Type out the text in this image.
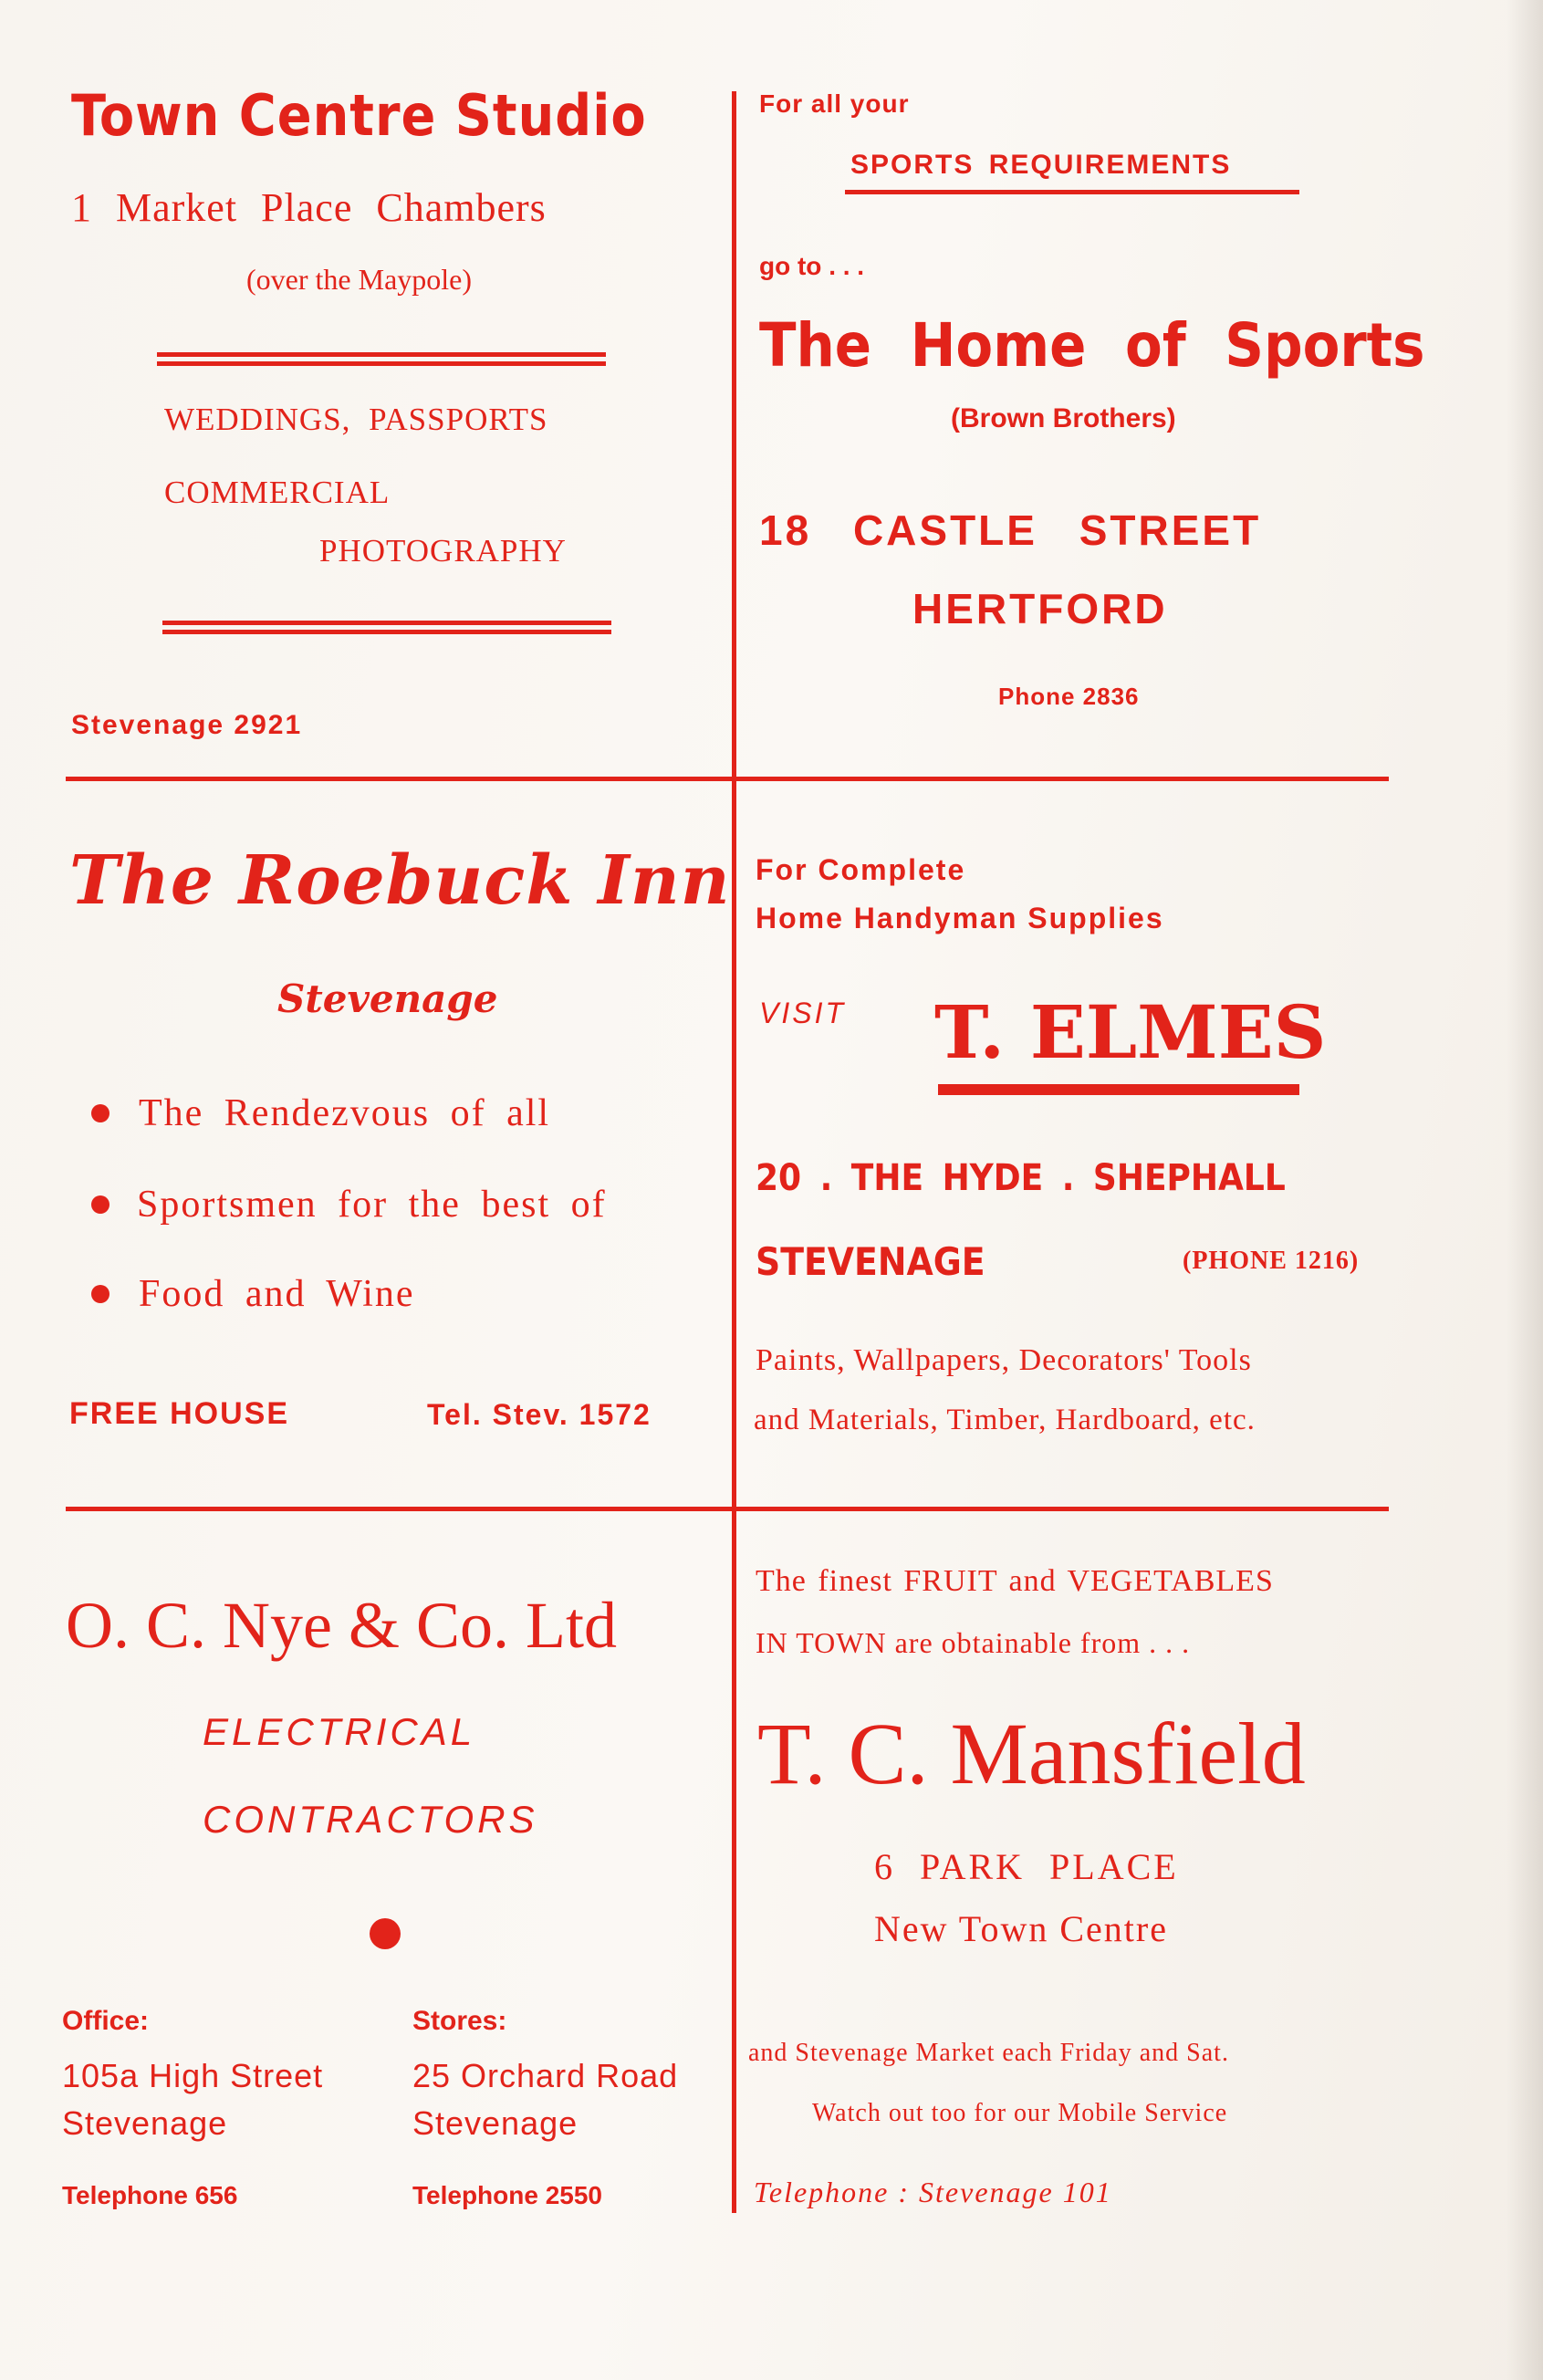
Town Centre Studio
1 Market Place Chambers
(over the Maypole)
WEDDINGS, PASSPORTS
COMMERCIAL
PHOTOGRAPHY
Stevenage 2921
For all your
SPORTS REQUIREMENTS
go to . . .
The Home of Sports
(Brown Brothers)
18 CASTLE STREET
HERTFORD
Phone 2836
The Roebuck Inn
Stevenage
The Rendezvous of all
Sportsmen for the best of
Food and Wine
FREE HOUSE	Tel. Stev. 1572
For Complete
Home Handyman Supplies
VISIT T. ELMES
20 . THE HYDE . SHEPHALL
STEVENAGE	(PHONE 1216)
Paints, Wallpapers, Decorators' Tools
and Materials, Timber, Hardboard, etc.
O. C. Nye & Co. Ltd
ELECTRICAL
CONTRACTORS
Office:
105a High Street
Stevenage
Telephone 656
Stores:
25 Orchard Road
Stevenage
Telephone 2550
The finest FRUIT and VEGETABLES
IN TOWN are obtainable from . . .
T. C. Mansfield
6 PARK PLACE
New Town Centre
and Stevenage Market each Friday and Sat.
Watch out too for our Mobile Service
Telephone : Stevenage 101
